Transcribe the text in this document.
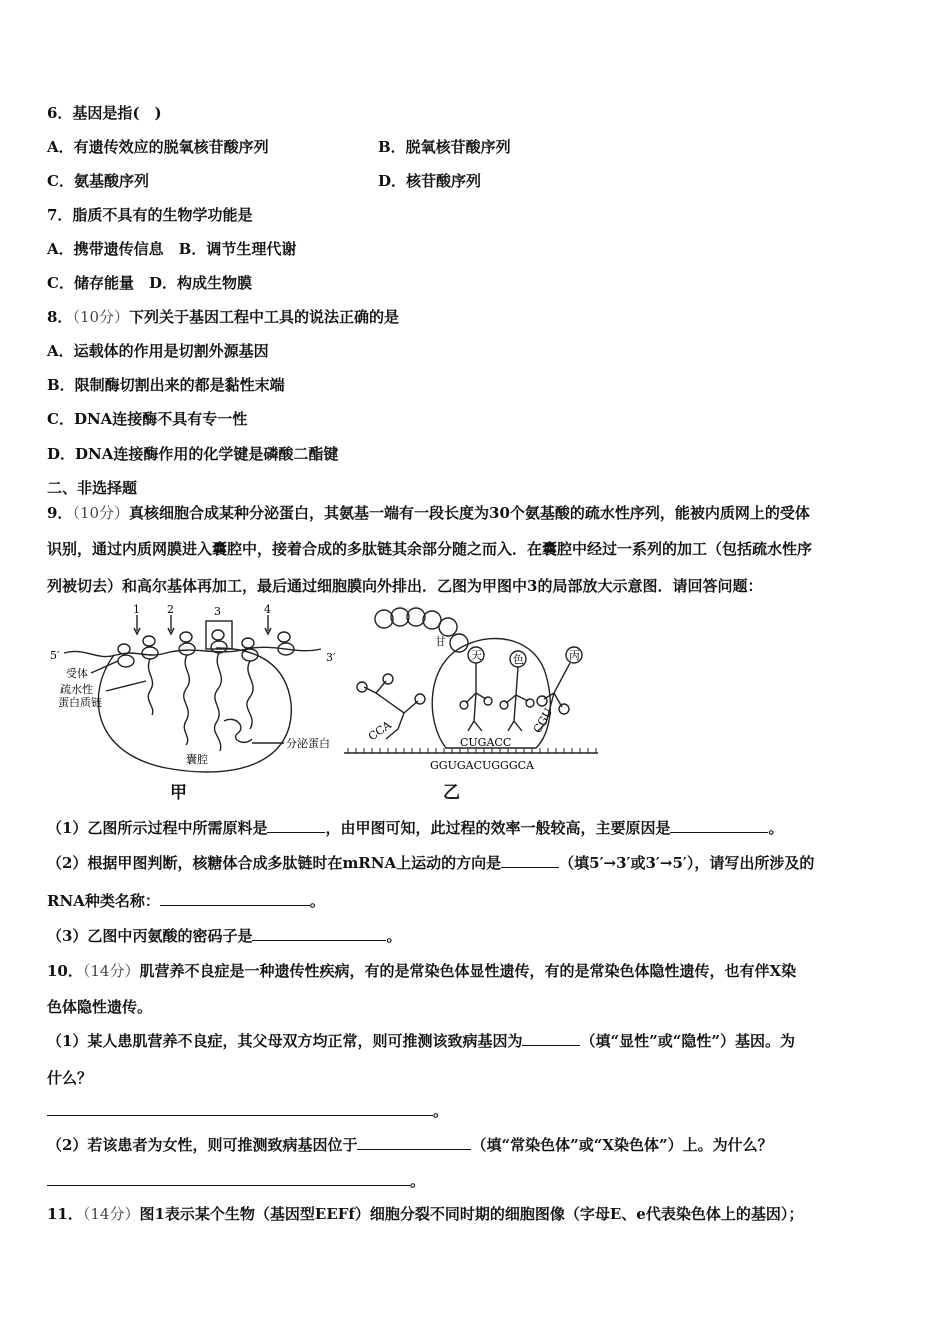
6．基因是指(　)
A．有遗传效应的脱氧核苷酸序列	B．脱氧核苷酸序列
C．氨基酸序列	D．核苷酸序列
7．脂质不具有的生物学功能是
A．携带遗传信息　B．调节生理代谢
C．储存能量　D．构成生物膜
8．（10分）下列关于基因工程中工具的说法正确的是
A．运载体的作用是切割外源基因
B．限制酶切割出来的都是黏性末端
C．DNA连接酶不具有专一性
D．DNA连接酶作用的化学键是磷酸二酯键
二、非选择题
9．（10分）真核细胞合成某种分泌蛋白，其氨基一端有一段长度为30个氨基酸的疏水性序列，能被内质网上的受体
识别，通过内质网膜进入囊腔中，接着合成的多肽链其余部分随之而入．在囊腔中经过一系列的加工（包括疏水性序
列被切去）和高尔基体再加工，最后通过细胞膜向外排出．乙图为甲图中3的局部放大示意图．请回答问题：
5′	3′
1 2	3	4
受体
疏水性
蛋白质链
囊腔
分泌蛋白
甘
天	色	丙
CCA	CUGACC
CGU
GGUGACUGGGCA
甲	乙
（1）乙图所示过程中所需原料是	，由甲图可知，此过程的效率一般较高，主要原因是	。
（2）根据甲图判断，核糖体合成多肽链时在mRNA上运动的方向是	（填5′→3′或3′→5′），请写出所涉及的
RNA种类名称：	。
（3）乙图中丙氨酸的密码子是	。
10．（14分）肌营养不良症是一种遗传性疾病，有的是常染色体显性遗传，有的是常染色体隐性遗传，也有伴X染
色体隐性遗传。
（1）某人患肌营养不良症，其父母双方均正常，则可推测该致病基因为	（填“显性”或“隐性”）基因。为
什么？
。
（2）若该患者为女性，则可推测致病基因位于	（填“常染色体”或“X染色体”）上。为什么？
。
11．（14分）图1表示某个生物（基因型EEFf）细胞分裂不同时期的细胞图像（字母E、e代表染色体上的基因）；
